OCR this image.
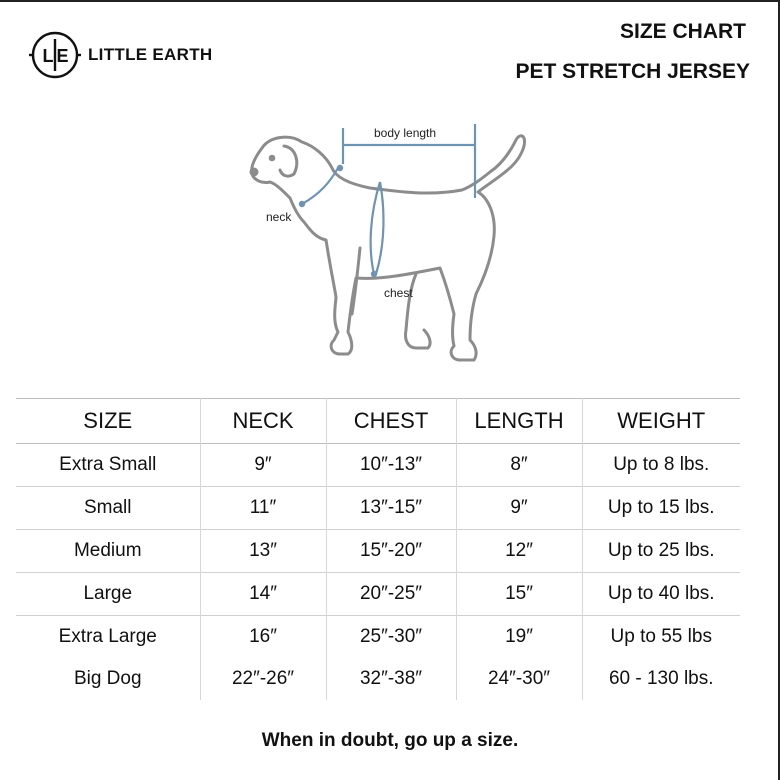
L E LITTLE EARTH
SIZE CHART
PET STRETCH JERSEY
body length
neck
chest
SIZE	NECK	CHEST	LENGTH	WEIGHT
Extra Small	9″	10″-13″	8″	Up to 8 lbs.
Small	11″	13″-15″	9″	Up to 15 lbs.
Medium	13″	15″-20″	12″	Up to 25 lbs.
Large	14″	20″-25″	15″	Up to 40 lbs.
Extra Large	16″	25″-30″	19″	Up to 55 lbs
Big Dog	22″-26″	32″-38″	24″-30″	60 - 130 lbs.
When in doubt, go up a size.
